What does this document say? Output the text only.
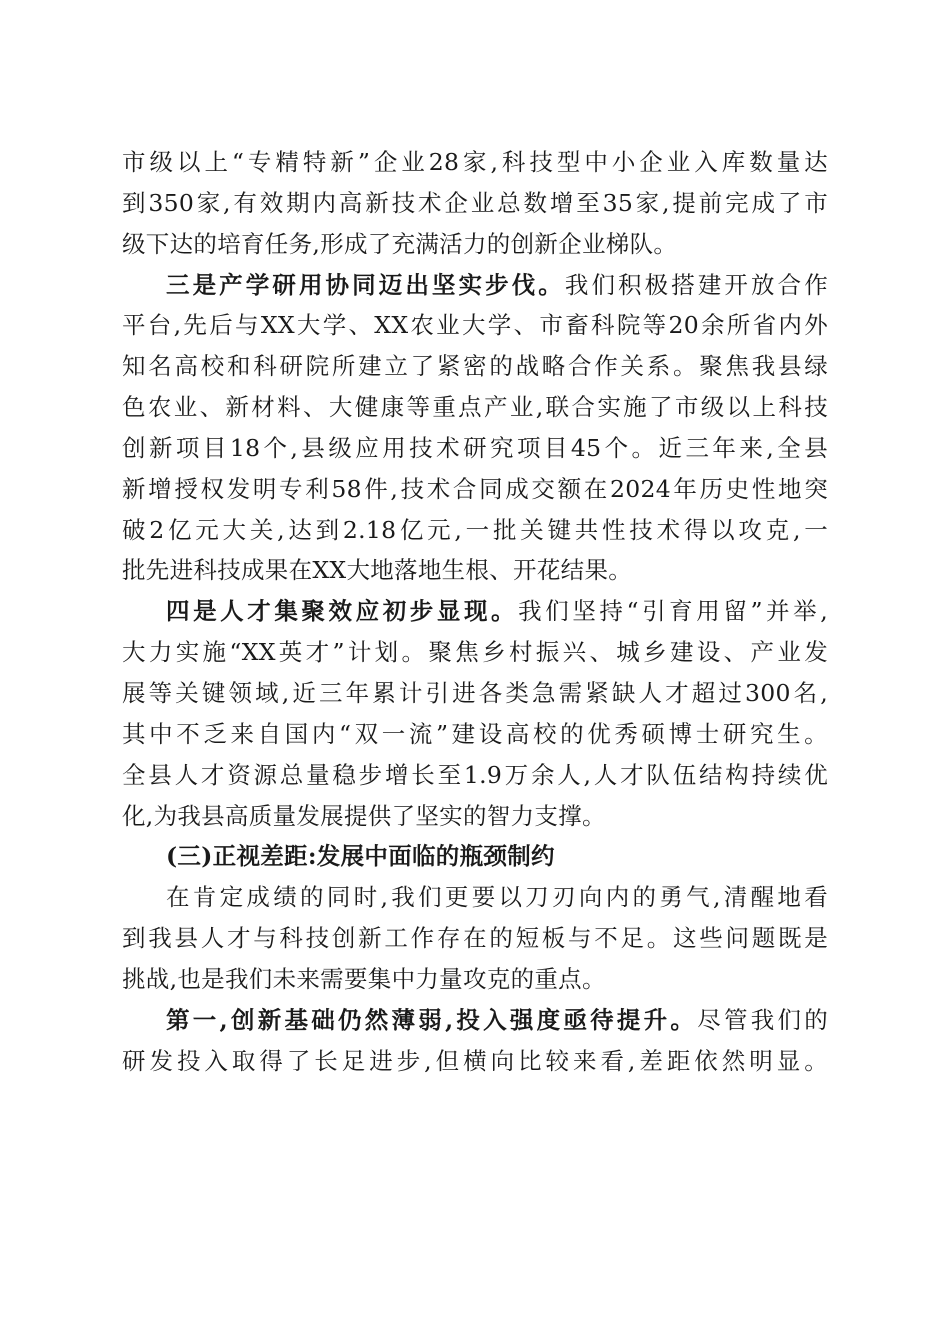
市级以上“专精特新”企业28家,科技型中小企业入库数量达
到350家,有效期内高新技术企业总数增至35家,提前完成了市
级下达的培育任务,形成了充满活力的创新企业梯队。
三是产学研用协同迈出坚实步伐。我们积极搭建开放合作
平台,先后与XX大学、XX农业大学、市畜科院等20余所省内外
知名高校和科研院所建立了紧密的战略合作关系。聚焦我县绿
色农业、新材料、大健康等重点产业,联合实施了市级以上科技
创新项目18个,县级应用技术研究项目45个。近三年来,全县
新增授权发明专利58件,技术合同成交额在2024年历史性地突
破2亿元大关,达到2.18亿元,一批关键共性技术得以攻克,一
批先进科技成果在XX大地落地生根、开花结果。
四是人才集聚效应初步显现。我们坚持“引育用留”并举,
大力实施“XX英才”计划。聚焦乡村振兴、城乡建设、产业发
展等关键领域,近三年累计引进各类急需紧缺人才超过300名,
其中不乏来自国内“双一流”建设高校的优秀硕博士研究生。
全县人才资源总量稳步增长至1.9万余人,人才队伍结构持续优
化,为我县高质量发展提供了坚实的智力支撑。
(三)正视差距:发展中面临的瓶颈制约
在肯定成绩的同时,我们更要以刀刃向内的勇气,清醒地看
到我县人才与科技创新工作存在的短板与不足。这些问题既是
挑战,也是我们未来需要集中力量攻克的重点。
第一,创新基础仍然薄弱,投入强度亟待提升。尽管我们的
研发投入取得了长足进步,但横向比较来看,差距依然明显。
